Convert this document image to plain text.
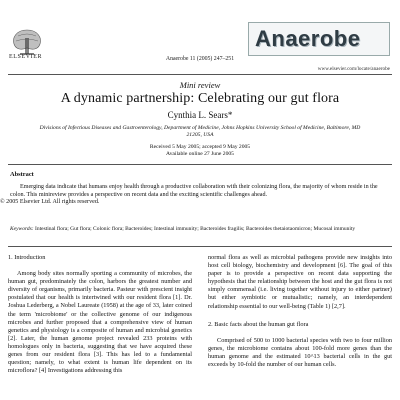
ELSEVIER	Anaerobe 11 (2005) 247–251
Anaerobe
www.elsevier.com/locate/anaerobe
Mini review
A dynamic partnership: Celebrating our gut flora
Cynthia L. Sears*
Divisions of Infectious Diseases and Gastroenterology, Department of Medicine, Johns Hopkins University School of Medicine, Baltimore, MD 21205, USA
Received 5 May 2005; accepted 9 May 2005
Available online 27 June 2005
Abstract
Emerging data indicate that humans enjoy health through a productive collaboration with their colonizing flora, the majority of whom reside in the colon. This minireview provides a perspective on recent data and the exciting scientific challenges ahead.
© 2005 Elsevier Ltd. All rights reserved.
Keywords: Intestinal flora; Gut flora; Colonic flora; Bacteroides; Intestinal immunity; Bacteroides fragilis; Bacteroides thetaiotaomicron; Mucosal immunity

1. Introduction

Among body sites normally sporting a community of microbes, the human gut, predominately the colon, harbors the greatest number and diversity of organisms, primarily bacteria. Pasteur with prescient insight postulated that our health is intertwined with our resident flora [1]. Dr. Joshua Lederberg, a Nobel Laureate (1958) at the age of 33, later coined the term 'microbiome' or the collective genome of our indigenous microbes and further proposed that a comprehensive view of human genetics and physiology is a composite of human and microbial genetics [2]. Later, the human genome project revealed 233 proteins with homologues only in bacteria, suggesting that we have acquired these genes from our resident flora [3]. This has led to a fundamental question; namely, to what extent is human life dependent on its microflora? [4] Investigations addressing this

normal flora as well as microbial pathogens provide new insights into host cell biology, biochemistry and development [6]. The goal of this paper is to provide a perspective on recent data supporting the hypothesis that the relationship between the host and the gut flora is not simply commensal (i.e. living together without injury to either partner) but either symbiotic or mutualistic; namely, an interdependent relationship essential to our well-being (Table 1) [2,7].

2. Basic facts about the human gut flora

Comprised of 500 to 1000 bacterial species with two to four million genes, the microbiome contains about 100-fold more genes than the human genome and the estimated 10^13 bacterial cells in the gut exceeds by 10-fold the number of our human cells.
